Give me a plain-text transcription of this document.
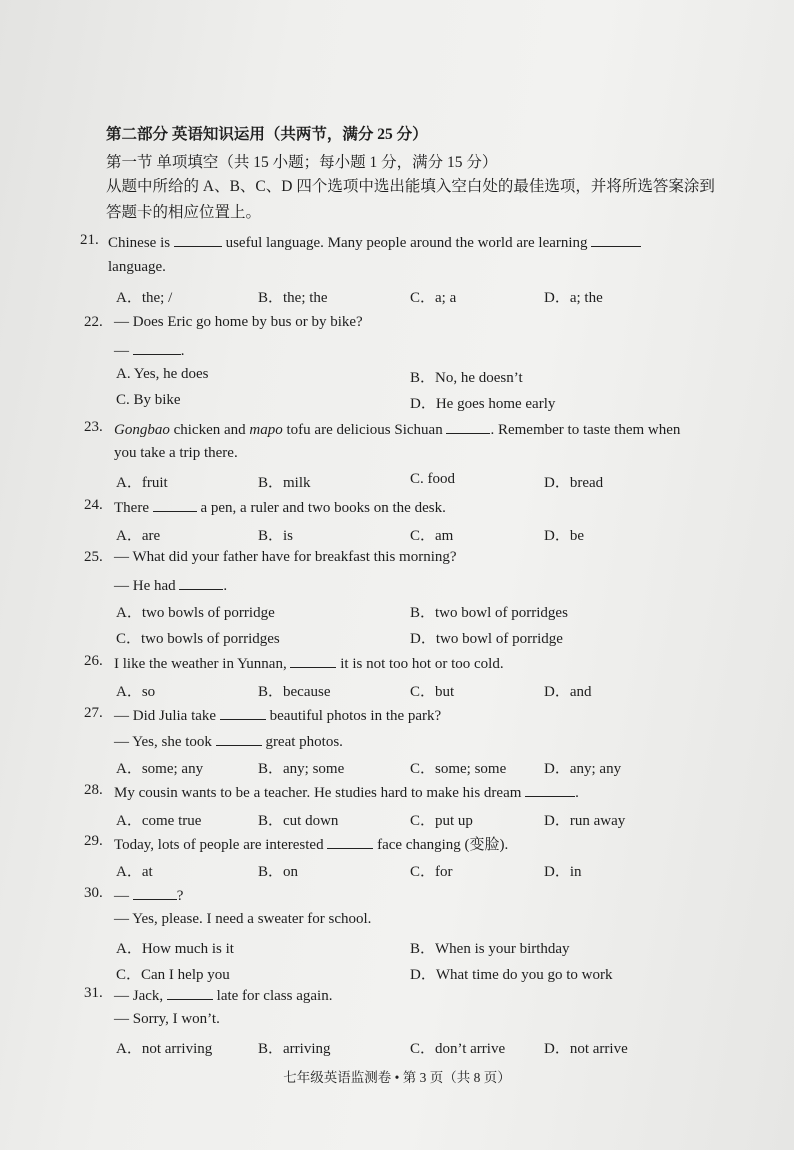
第二部分 英语知识运用（共两节，满分 25 分）
第一节 单项填空（共 15 小题；每小题 1 分，满分 15 分）
从题中所给的 A、B、C、D 四个选项中选出能填入空白处的最佳选项，并将所选答案涂到答题卡的相应位置上。
21. Chinese is	useful language. Many people around the world are learning
language.
A．the; /	B．the; the	C．a; a	D．a; the
22. — Does Eric go home by bus or by bike?
—	.
A. Yes, he does	B．No, he doesn’t
C. By bike	D．He goes home early
23. Gongbao chicken and mapo tofu are delicious Sichuan	. Remember to taste them when
you take a trip there.
A．fruit	B．milk	C. food	D．bread
24. There	a pen, a ruler and two books on the desk.
A．are	B．is	C．am	D．be
25. — What did your father have for breakfast this morning?
— He had	.
A．two bowls of porridge	B．two bowl of porridges
C．two bowls of porridges	D．two bowl of porridge
26. I like the weather in Yunnan,	it is not too hot or too cold.
A．so	B．because	C．but	D．and
27. — Did Julia take	beautiful photos in the park?
— Yes, she took	great photos.
A．some; any	B．any; some	C．some; some	D．any; any
28. My cousin wants to be a teacher. He studies hard to make his dream	.
A．come true	B．cut down	C．put up	D．run away
29. Today, lots of people are interested	face changing (变脸).
A．at	B．on	C．for	D．in
30. —	?
— Yes, please. I need a sweater for school.
A．How much is it	B．When is your birthday
C．Can I help you	D．What time do you go to work
31. — Jack,	late for class again.
— Sorry, I won’t.
A．not arriving	B．arriving	C．don’t arrive	D．not arrive
七年级英语监测卷 • 第 3 页（共 8 页）
